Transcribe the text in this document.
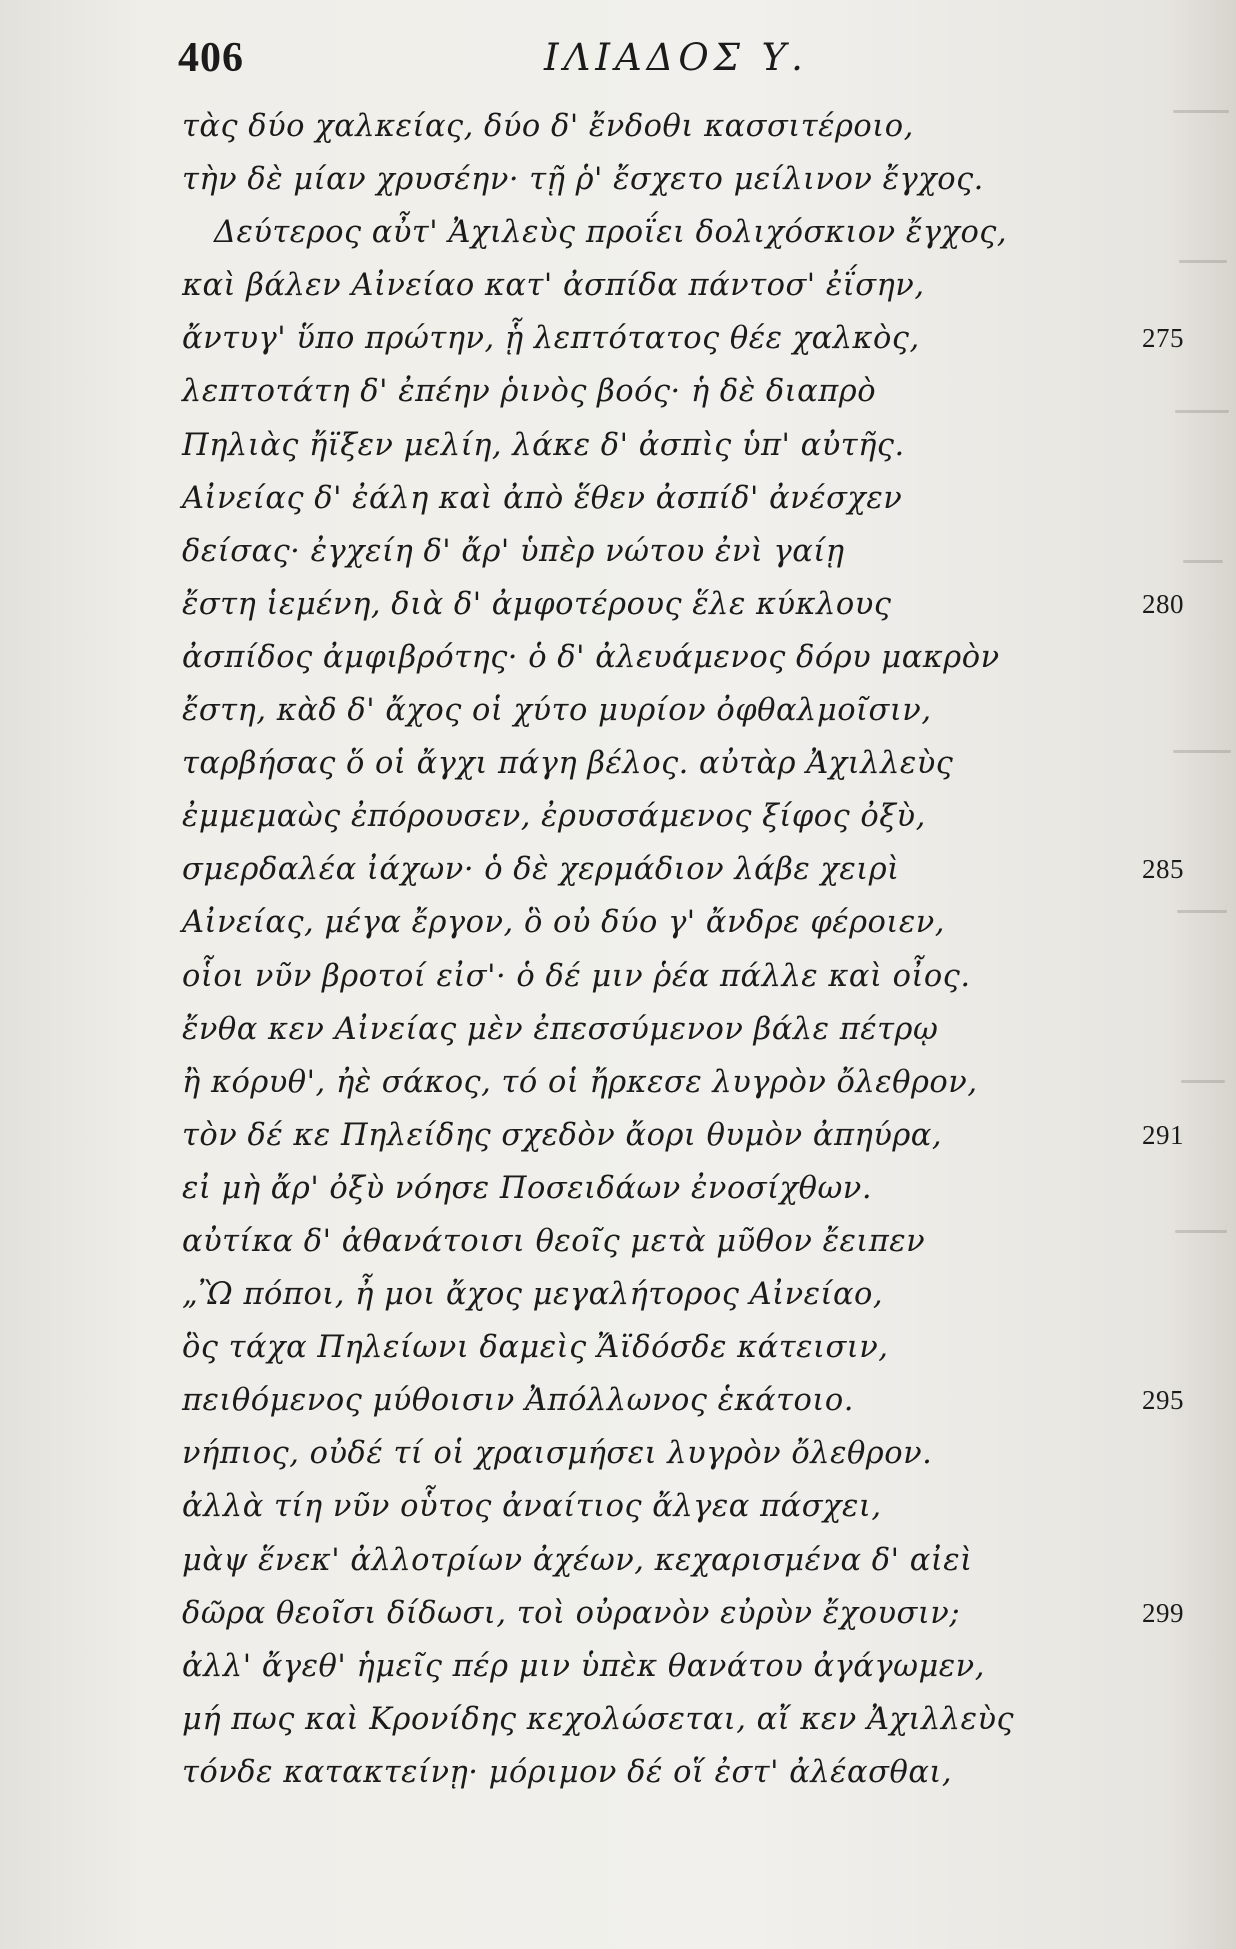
406	ΙΛΙΑΔΟΣ Υ.
τὰς δύο χαλκείας, δύο δ' ἔνδοθι κασσιτέροιο,
τὴν δὲ μίαν χρυσέην· τῇ ῥ' ἔσχετο μείλινον ἔγχος.
Δεύτερος αὖτ' Ἀχιλεὺς προΐει δολιχόσκιον ἔγχος,
καὶ βάλεν Αἰνείαο κατ' ἀσπίδα πάντοσ' ἐΐσην,
ἄντυγ' ὕπο πρώτην, ᾗ λεπτότατος θέε χαλκὸς,	275
λεπτοτάτη δ' ἐπέην ῥινὸς βοός· ἡ δὲ διαπρὸ
Πηλιὰς ἤϊξεν μελίη, λάκε δ' ἀσπὶς ὑπ' αὐτῆς.
Αἰνείας δ' ἐάλη καὶ ἀπὸ ἕθεν ἀσπίδ' ἀνέσχεν
δείσας· ἐγχείη δ' ἄρ' ὑπὲρ νώτου ἐνὶ γαίῃ
ἔστη ἱεμένη, διὰ δ' ἀμφοτέρους ἕλε κύκλους	280
ἀσπίδος ἀμφιβρότης· ὁ δ' ἀλευάμενος δόρυ μακρὸν
ἔστη, κὰδ δ' ἄχος οἱ χύτο μυρίον ὀφθαλμοῖσιν,
ταρβήσας ὅ οἱ ἄγχι πάγη βέλος. αὐτὰρ Ἀχιλλεὺς
ἐμμεμαὼς ἐπόρουσεν, ἐρυσσάμενος ξίφος ὀξὺ,
σμερδαλέα ἰάχων· ὁ δὲ χερμάδιον λάβε χειρὶ	285
Αἰνείας, μέγα ἔργον, ὃ οὐ δύο γ' ἄνδρε φέροιεν,
οἷοι νῦν βροτοί εἰσ'· ὁ δέ μιν ῥέα πάλλε καὶ οἶος.
ἔνθα κεν Αἰνείας μὲν ἐπεσσύμενον βάλε πέτρῳ
ἢ κόρυθ', ἠὲ σάκος, τό οἱ ἤρκεσε λυγρὸν ὄλεθρον,
τὸν δέ κε Πηλείδης σχεδὸν ἄορι θυμὸν ἀπηύρα,	291
εἰ μὴ ἄρ' ὀξὺ νόησε Ποσειδάων ἐνοσίχθων.
αὐτίκα δ' ἀθανάτοισι θεοῖς μετὰ μῦθον ἔειπεν
„Ὢ πόποι, ἦ μοι ἄχος μεγαλήτορος Αἰνείαο,
ὃς τάχα Πηλείωνι δαμεὶς Ἄϊδόσδε κάτεισιν,
πειθόμενος μύθοισιν Ἀπόλλωνος ἑκάτοιο.	295
νήπιος, οὐδέ τί οἱ χραισμήσει λυγρὸν ὄλεθρον.
ἀλλὰ τίη νῦν οὗτος ἀναίτιος ἄλγεα πάσχει,
μὰψ ἕνεκ' ἀλλοτρίων ἀχέων, κεχαρισμένα δ' αἰεὶ
δῶρα θεοῖσι δίδωσι, τοὶ οὐρανὸν εὐρὺν ἔχουσιν;	299
ἀλλ' ἄγεθ' ἡμεῖς πέρ μιν ὑπὲκ θανάτου ἀγάγωμεν,
μή πως καὶ Κρονίδης κεχολώσεται, αἴ κεν Ἀχιλλεὺς
τόνδε κατακτείνῃ· μόριμον δέ οἵ ἐστ' ἀλέασθαι,
